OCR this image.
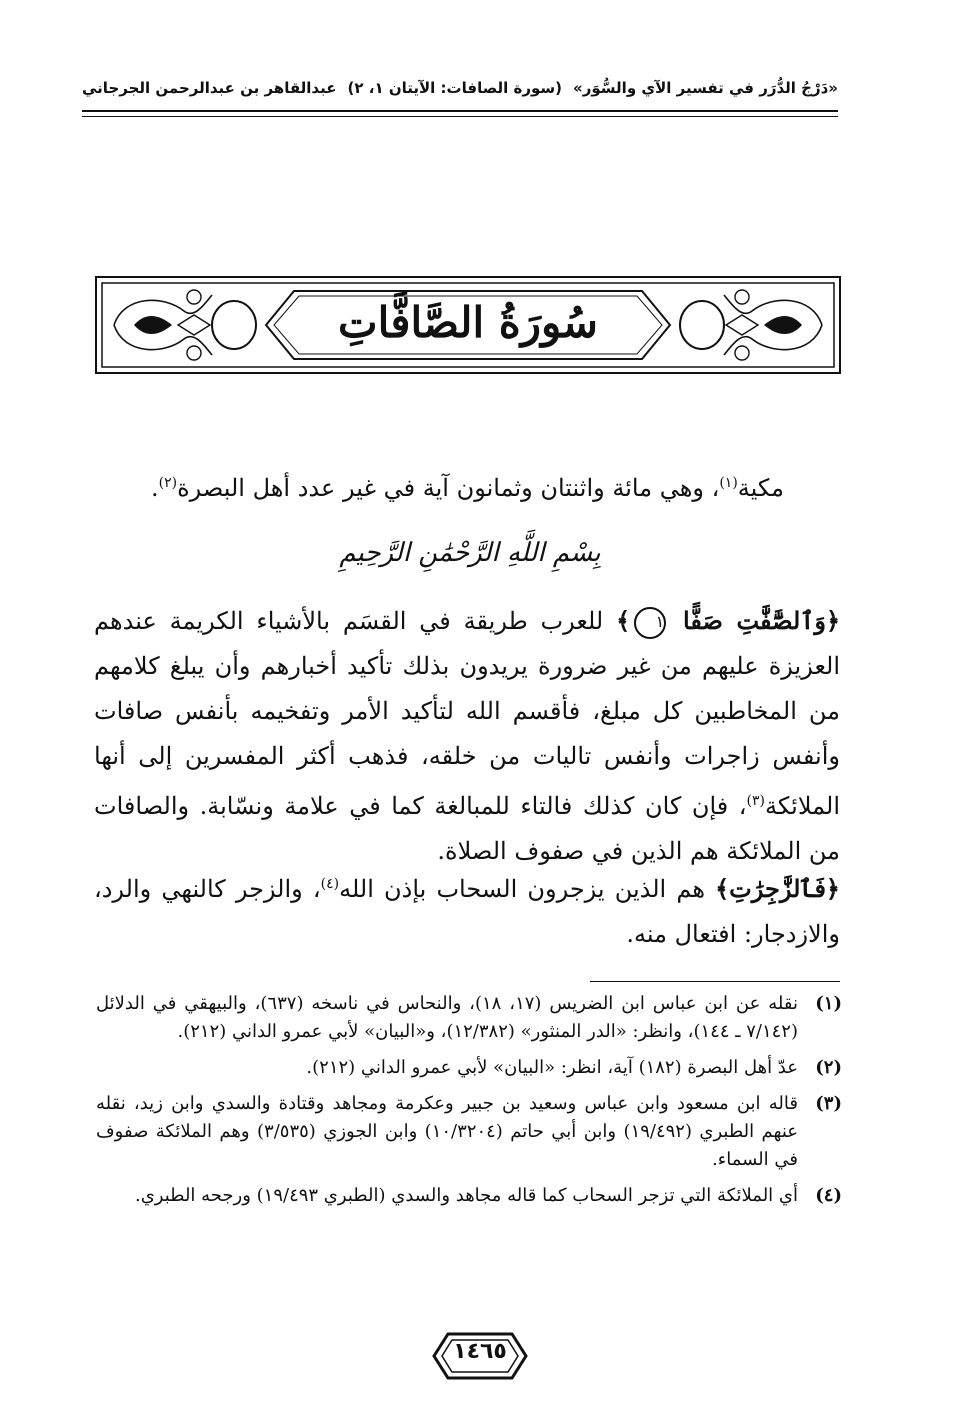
«دَرْجُ الدُّرَر في تفسير الآي والسُّوَر»
(سورة الصافات: الآيتان ١، ٢)
عبدالقاهر بن عبدالرحمن الجرجاني
سُورَةُ الصَّافَّاتِ
مكية$^{(١)}$، وهي مائة واثنتان وثمانون آية في غير عدد أهل البصرة$^{(٢)}$.
بِسْمِ اللَّهِ الرَّحْمَٰنِ الرَّحِيمِ
﴿وَٱلصَّٰٓفَّٰتِ صَفًّا ١﴾ للعرب طريقة في القسَم بالأشياء الكريمة عندهم العزيزة عليهم من غير ضرورة يريدون بذلك تأكيد أخبارهم وأن يبلغ كلامهم من المخاطبين كل مبلغ، فأقسم الله لتأكيد الأمر وتفخيمه بأنفس صافات وأنفس زاجرات وأنفس تاليات من خلقه، فذهب أكثر المفسرين إلى أنها الملائكة$^{(٣)}$، فإن كان كذلك فالتاء للمبالغة كما في علامة ونسّابة. والصافات من الملائكة هم الذين في صفوف الصلاة.
﴿فَٱلزَّٰجِرَٰتِ﴾ هم الذين يزجرون السحاب بإذن الله$^{(٤)}$، والزجر كالنهي والرد، والازدجار: افتعال منه.
(١)
نقله عن ابن عباس ابن الضريس (١٧، ١٨)، والنحاس في ناسخه (٦٣٧)، والبيهقي في الدلائل (٧/١٤٢ ـ ١٤٤)، وانظر: «الدر المنثور» (١٢/٣٨٢)، و«البيان» لأبي عمرو الداني (٢١٢).
(٢)
عدّ أهل البصرة (١٨٢) آية، انظر: «البيان» لأبي عمرو الداني (٢١٢).
(٣)
قاله ابن مسعود وابن عباس وسعيد بن جبير وعكرمة ومجاهد وقتادة والسدي وابن زيد، نقله عنهم الطبري (١٩/٤٩٢) وابن أبي حاتم (١٠/٣٢٠٤) وابن الجوزي (٣/٥٣٥) وهم الملائكة صفوف في السماء.
(٤)
أي الملائكة التي تزجر السحاب كما قاله مجاهد والسدي (الطبري ١٩/٤٩٣) ورجحه الطبري.
١٤٦٥
